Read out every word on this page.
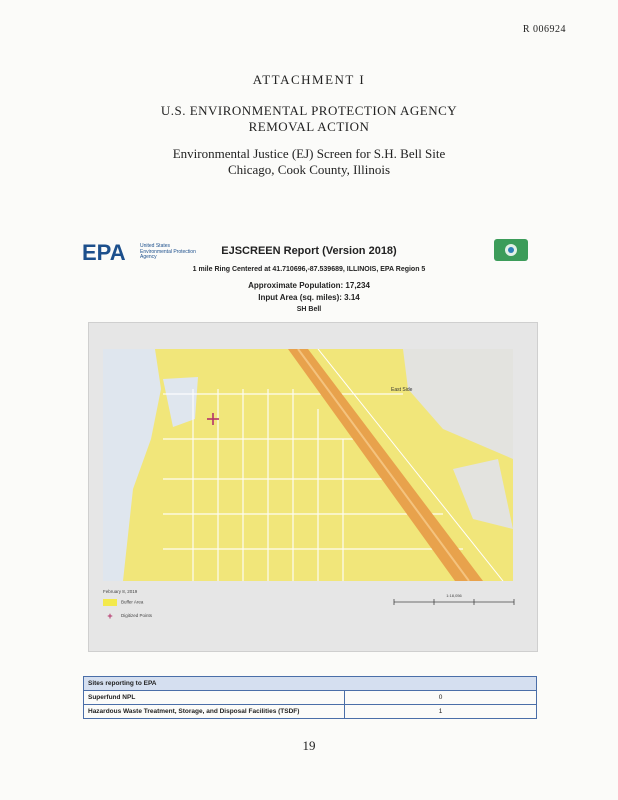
R 006924
ATTACHMENT I
U.S. ENVIRONMENTAL PROTECTION AGENCY
REMOVAL ACTION
Environmental Justice (EJ) Screen for S.H. Bell Site
Chicago, Cook County, Illinois
EPA	United States
Environmental Protection
Agency	EJSCREEN Report (Version 2018)
1 mile Ring Centered at 41.710696,-87.539689, ILLINOIS, EPA Region 5
Approximate Population: 17,234
Input Area (sq. miles): 3.14
SH Bell
East Side
February 8, 2019
Buffer Area
+ Digitized Points
1:18,056
Sites reporting to EPA	
Superfund NPL	0
Hazardous Waste Treatment, Storage, and Disposal Facilities (TSDF)	1
19
